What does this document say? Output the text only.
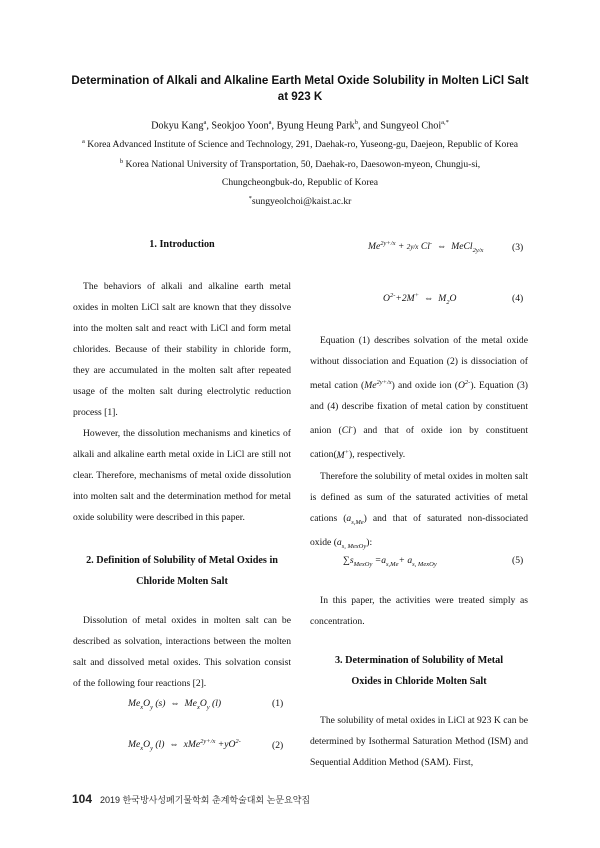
Determination of Alkali and Alkaline Earth Metal Oxide Solubility in Molten LiCl Salt
at 923 K
Dokyu Kang$^a$, Seokjoo Yoon$^a$, Byung Heung Park$^b$, and Sungyeol Choi$^{a,*}$
$^a$ Korea Advanced Institute of Science and Technology, 291, Daehak-ro, Yuseong-gu, Daejeon, Republic of Korea
$^b$ Korea National University of Transportation, 50, Daehak-ro, Daesowon-myeon, Chungju-si,
Chungcheongbuk-do, Republic of Korea
*sungyeolchoi@kaist.ac.kr

1. Introduction

The behaviors of alkali and alkaline earth metal oxides in molten LiCl salt are known that they dissolve into the molten salt and react with LiCl and form metal chlorides. Because of their stability in chloride form, they are accumulated in the molten salt after repeated usage of the molten salt during electrolytic reduction process [1].

However, the dissolution mechanisms and kinetics of alkali and alkaline earth metal oxide in LiCl are still not clear. Therefore, mechanisms of metal oxide dissolution into molten salt and the determination method for metal oxide solubility were described in this paper.

2. Definition of Solubility of Metal Oxides in

Chloride Molten Salt

Dissolution of metal oxides in molten salt can be described as solvation, interactions between the molten salt and dissolved metal oxides. This solvation consist of the following four reactions [2].

$Me_xO_y$ (s)  ⇔  $Me_xO_y$ (l)	(1)
$Me_xO_y$ (l)  ⇔  $xMe^{2y+/x} +yO^{2-}$	(2)
$Me^{2y+/x} + 2y/x$ Cl-  ⇔  MeCl$_{2y/x}$	(3)
$O^{2-}+2M^+$  ⇔  $M_2O$	(4)

Equation (1) describes solvation of the metal oxide without dissociation and Equation (2) is dissociation of metal cation $(Me^{2y+/x})$ and oxide ion $(O^{2-})$. Equation (3) and (4) describe fixation of metal cation by constituent anion (Cl-) and that of oxide ion by constituent cation(M+), respectively.

Therefore the solubility of metal oxides in molten salt is defined as sum of the saturated activities of metal cations $(a_{s,Me})$ and that of saturated non-dissociated oxide $(a_{s, MexOy})$:

$\sum s_{MexOy} =a_{s,Me}+ a_{s, MexOy}$	(5)

In this paper, the activities were treated simply as concentration.

3. Determination of Solubility of Metal

Oxides in Chloride Molten Salt

The solubility of metal oxides in LiCl at 923 K can be determined by Isothermal Saturation Method (ISM) and Sequential Addition Method (SAM). First,

104 2019 한국방사성폐기물학회 춘계학술대회 논문요약집
